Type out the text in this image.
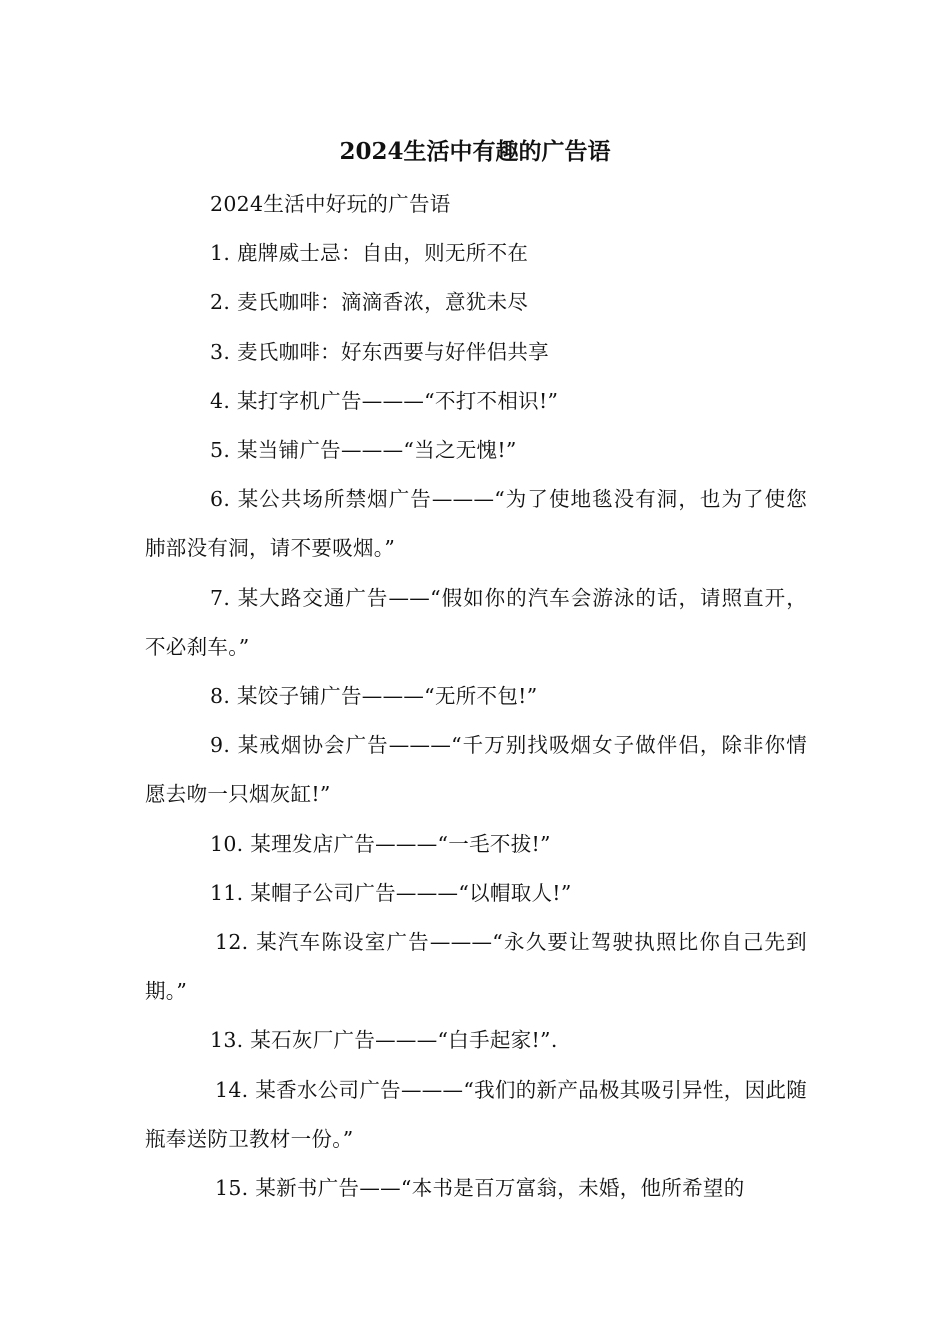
2024生活中有趣的广告语

2024生活中好玩的广告语

1. 鹿牌威士忌：自由，则无所不在

2. 麦氏咖啡：滴滴香浓，意犹未尽

3. 麦氏咖啡：好东西要与好伴侣共享

4. 某打字机广告———“不打不相识!”

5. 某当铺广告———“当之无愧!”

6. 某公共场所禁烟广告———“为了使地毯没有洞，也为了使您肺部没有洞，请不要吸烟。”

7. 某大路交通广告——“假如你的汽车会游泳的话，请照直开，不必刹车。”

8. 某饺子铺广告———“无所不包!”

9. 某戒烟协会广告———“千万别找吸烟女子做伴侣，除非你情愿去吻一只烟灰缸!”

10. 某理发店广告———“一毛不拔!”

11. 某帽子公司广告———“以帽取人!”

12. 某汽车陈设室广告———“永久要让驾驶执照比你自己先到期。”

13. 某石灰厂广告———“白手起家!”.

14. 某香水公司广告———“我们的新产品极其吸引异性，因此随瓶奉送防卫教材一份。”

15. 某新书广告——“本书是百万富翁，未婚，他所希望的
